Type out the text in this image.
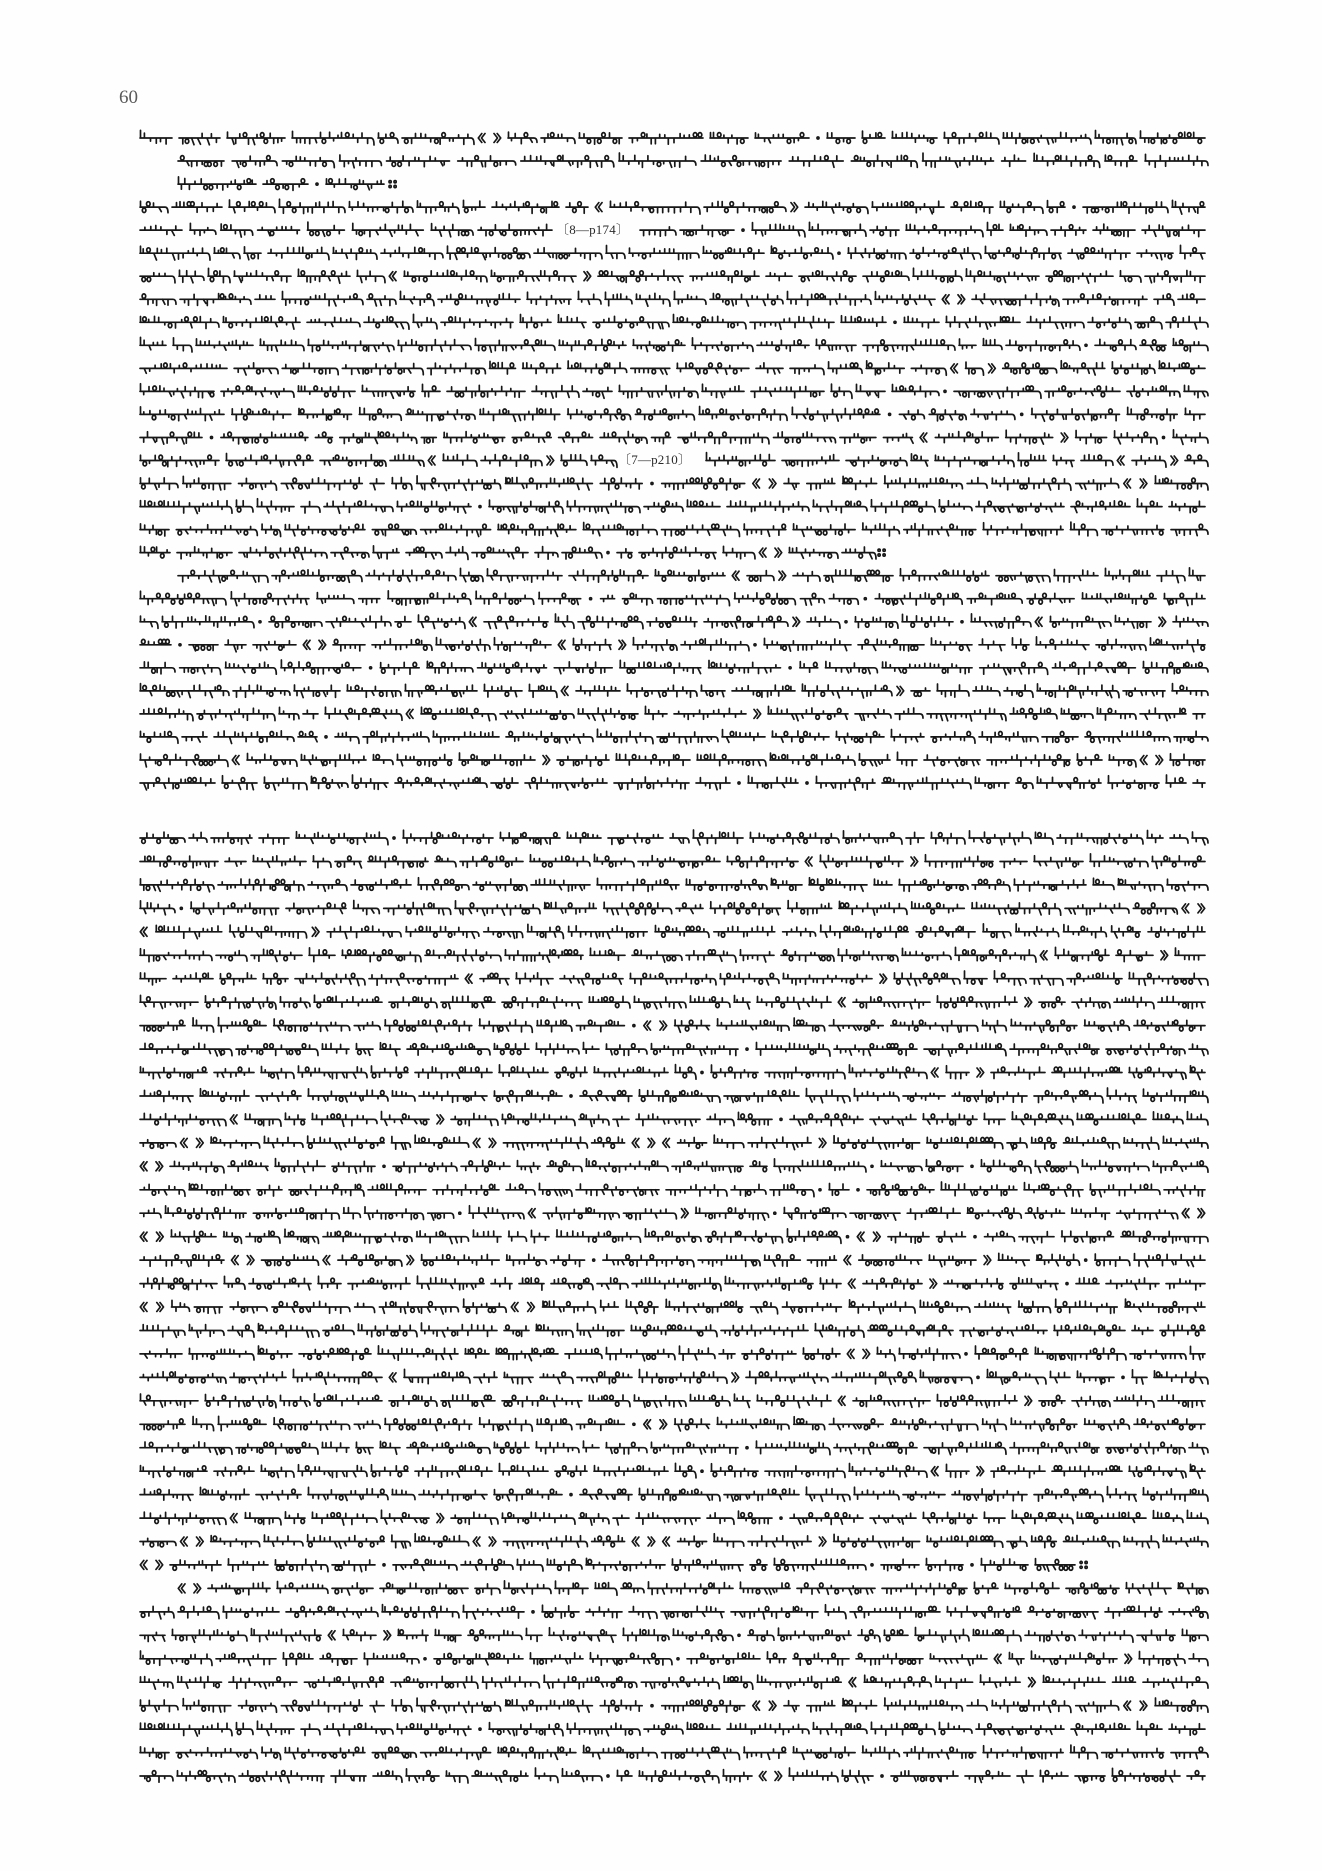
60
〔8—p174〕
〔7—p210〕
